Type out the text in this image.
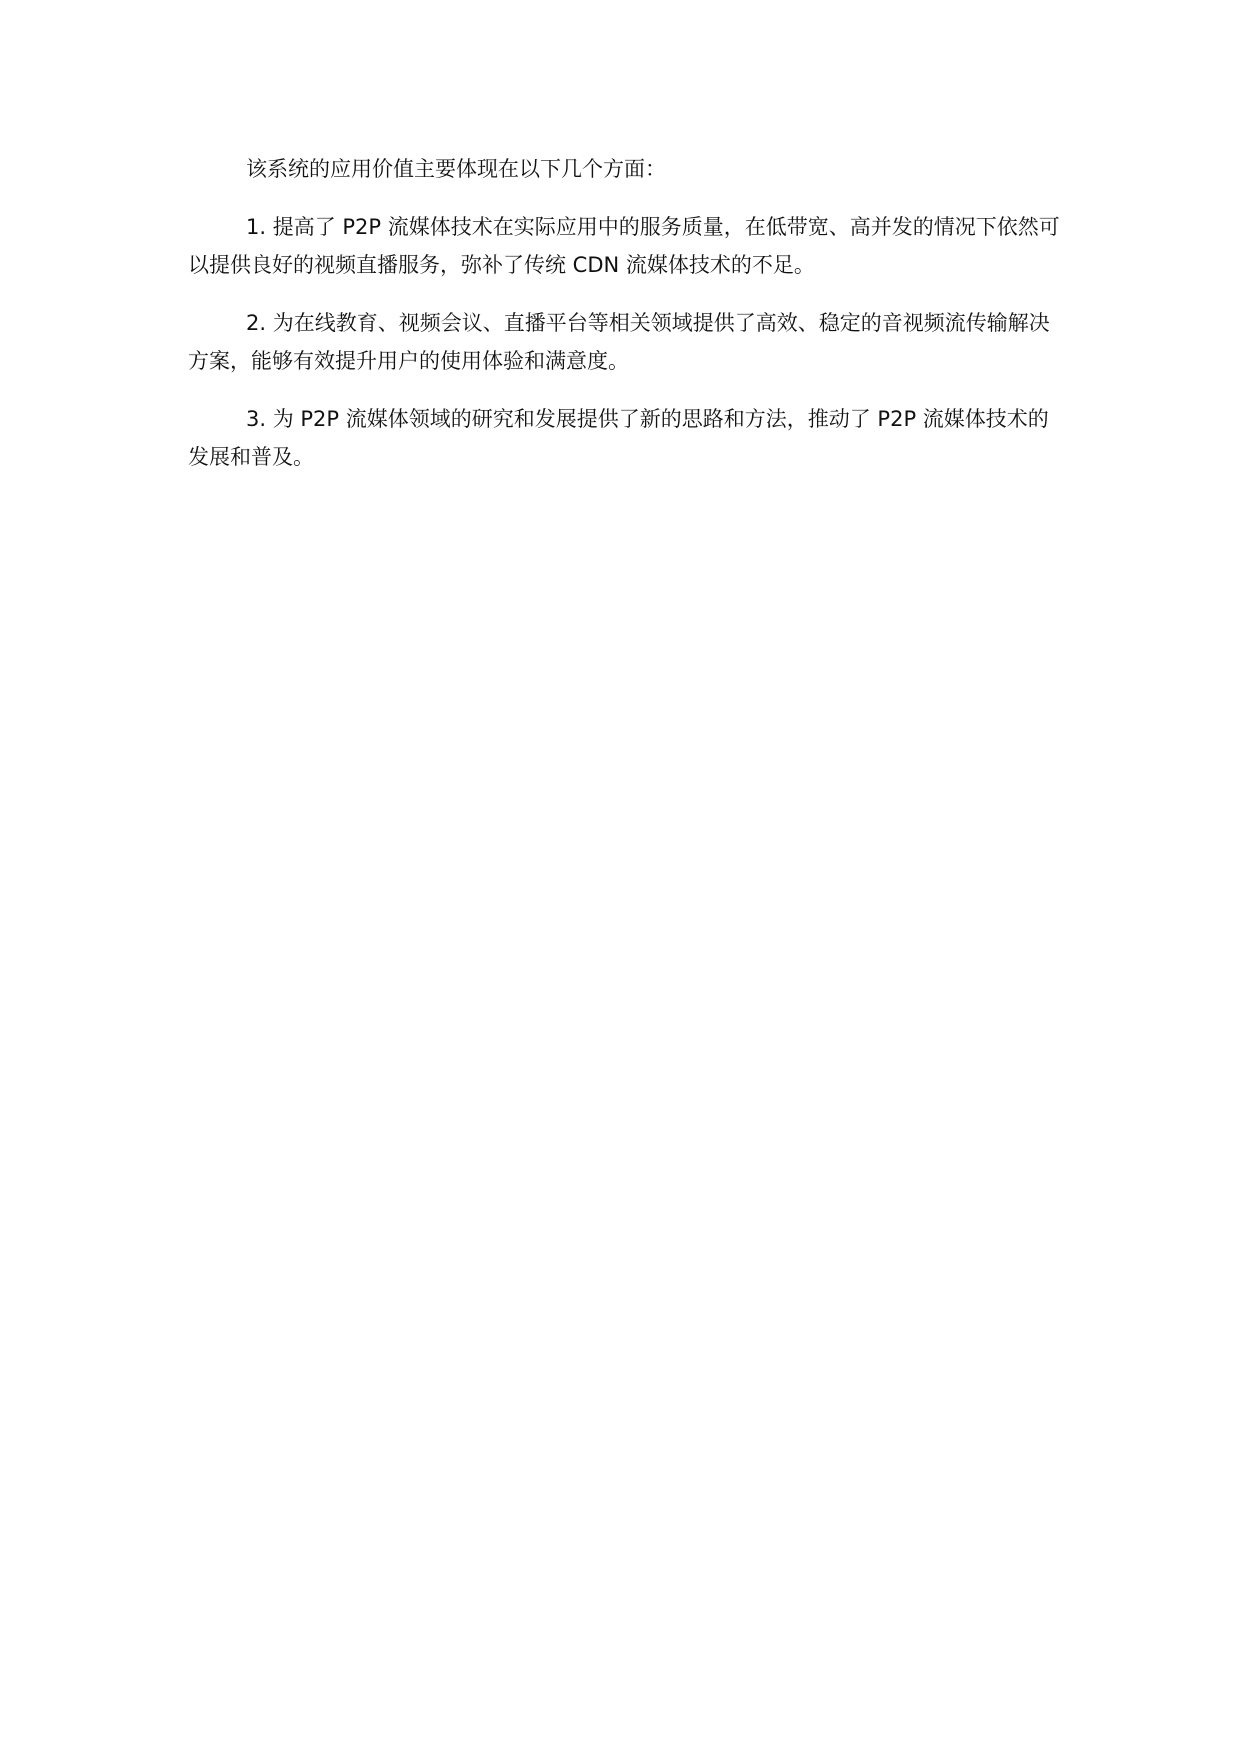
该系统的应用价值主要体现在以下几个方面：

1. 提高了 P2P 流媒体技术在实际应用中的服务质量，在低带宽、高并发的情况下依然可以提供良好的视频直播服务，弥补了传统 CDN 流媒体技术的不足。

2. 为在线教育、视频会议、直播平台等相关领域提供了高效、稳定的音视频流传输解决方案，能够有效提升用户的使用体验和满意度。

3. 为 P2P 流媒体领域的研究和发展提供了新的思路和方法，推动了 P2P 流媒体技术的发展和普及。
